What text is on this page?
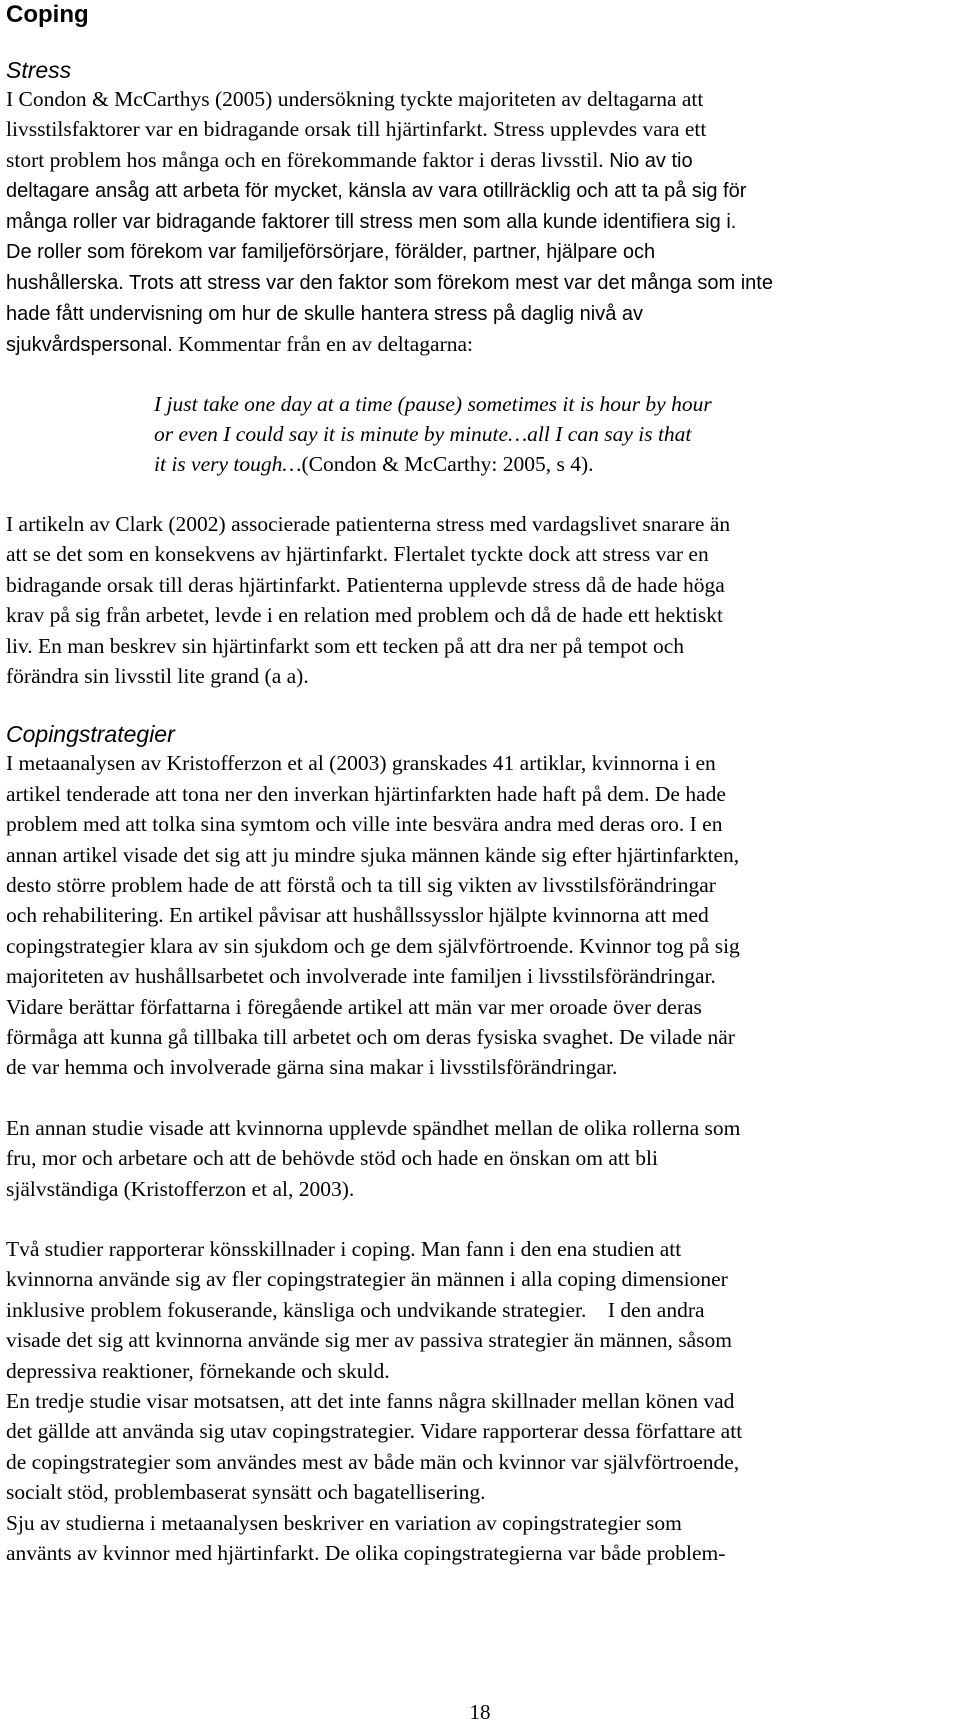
Coping
Stress
I Condon & McCarthys (2005) undersökning tyckte majoriteten av deltagarna att
livsstilsfaktorer var en bidragande orsak till hjärtinfarkt. Stress upplevdes vara ett
stort problem hos många och en förekommande faktor i deras livsstil. Nio av tio
deltagare ansåg att arbeta för mycket, känsla av vara otillräcklig och att ta på sig för
många roller var bidragande faktorer till stress men som alla kunde identifiera sig i.
De roller som förekom var familjeförsörjare, förälder, partner, hjälpare och
hushållerska. Trots att stress var den faktor som förekom mest var det många som inte
hade fått undervisning om hur de skulle hantera stress på daglig nivå av
sjukvårdspersonal. Kommentar från en av deltagarna:
I just take one day at a time (pause) sometimes it is hour by hour
or even I could say it is minute by minute…all I can say is that
it is very tough…(Condon & McCarthy: 2005, s 4).
I artikeln av Clark (2002) associerade patienterna stress med vardagslivet snarare än
att se det som en konsekvens av hjärtinfarkt. Flertalet tyckte dock att stress var en
bidragande orsak till deras hjärtinfarkt. Patienterna upplevde stress då de hade höga
krav på sig från arbetet, levde i en relation med problem och då de hade ett hektiskt
liv. En man beskrev sin hjärtinfarkt som ett tecken på att dra ner på tempot och
förändra sin livsstil lite grand (a a).
Copingstrategier
I metaanalysen av Kristofferzon et al (2003) granskades 41 artiklar, kvinnorna i en
artikel tenderade att tona ner den inverkan hjärtinfarkten hade haft på dem. De hade
problem med att tolka sina symtom och ville inte besvära andra med deras oro. I en
annan artikel visade det sig att ju mindre sjuka männen kände sig efter hjärtinfarkten,
desto större problem hade de att förstå och ta till sig vikten av livsstilsförändringar
och rehabilitering. En artikel påvisar att hushållssysslor hjälpte kvinnorna att med
copingstrategier klara av sin sjukdom och ge dem självförtroende. Kvinnor tog på sig
majoriteten av hushållsarbetet och involverade inte familjen i livsstilsförändringar.
Vidare berättar författarna i föregående artikel att män var mer oroade över deras
förmåga att kunna gå tillbaka till arbetet och om deras fysiska svaghet. De vilade när
de var hemma och involverade gärna sina makar i livsstilsförändringar.
En annan studie visade att kvinnorna upplevde spändhet mellan de olika rollerna som
fru, mor och arbetare och att de behövde stöd och hade en önskan om att bli
självständiga (Kristofferzon et al, 2003).
Två studier rapporterar könsskillnader i coping. Man fann i den ena studien att
kvinnorna använde sig av fler copingstrategier än männen i alla coping dimensioner
inklusive problem fokuserande, känsliga och undvikande strategier.    I den andra
visade det sig att kvinnorna använde sig mer av passiva strategier än männen, såsom
depressiva reaktioner, förnekande och skuld.
En tredje studie visar motsatsen, att det inte fanns några skillnader mellan könen vad
det gällde att använda sig utav copingstrategier. Vidare rapporterar dessa författare att
de copingstrategier som användes mest av både män och kvinnor var självförtroende,
socialt stöd, problembaserat synsätt och bagatellisering.
Sju av studierna i metaanalysen beskriver en variation av copingstrategier som
använts av kvinnor med hjärtinfarkt. De olika copingstrategierna var både problem-
18
